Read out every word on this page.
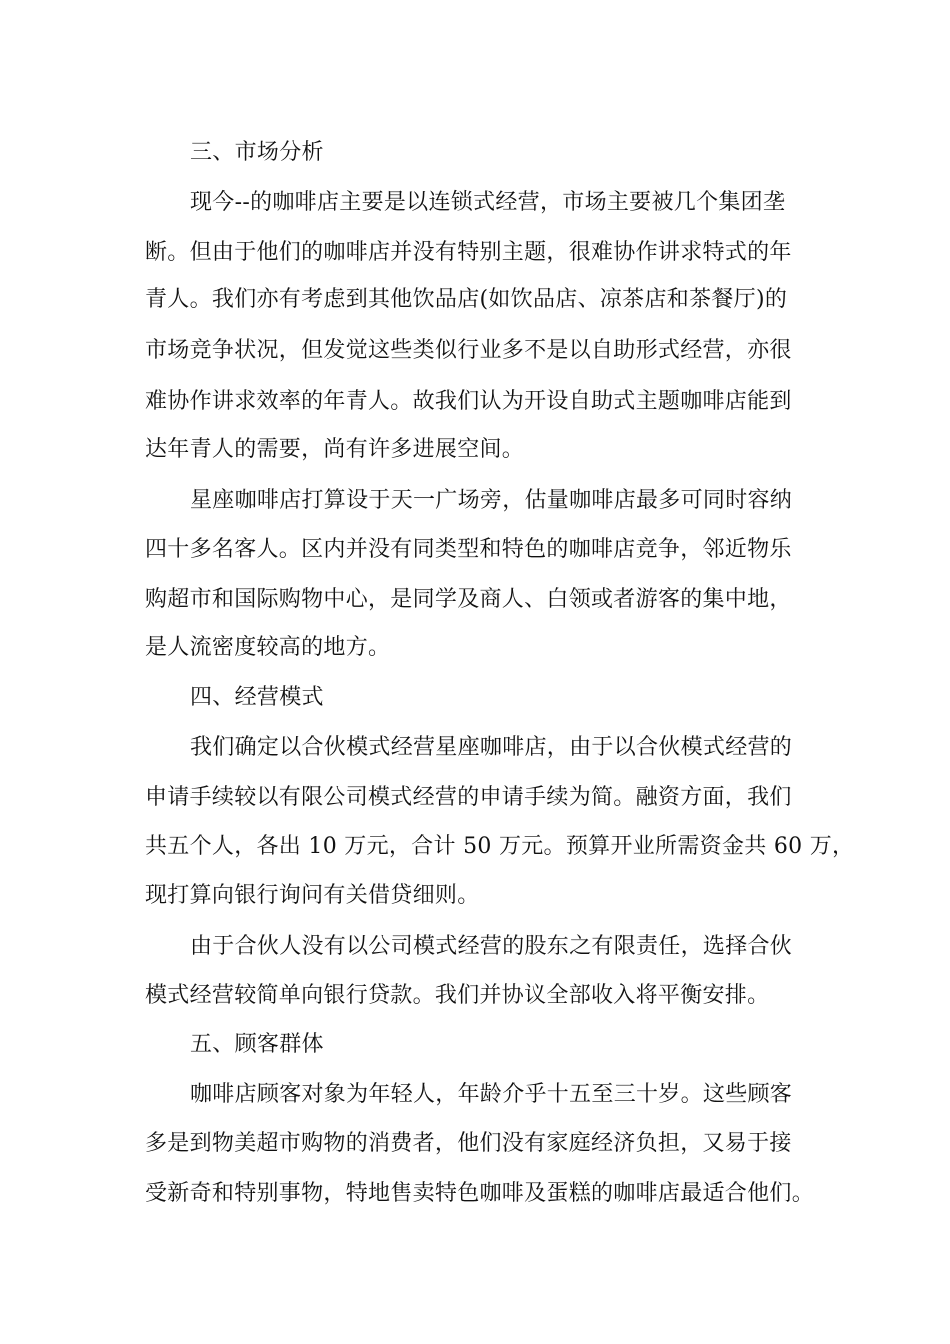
三、市场分析
现今--的咖啡店主要是以连锁式经营，市场主要被几个集团垄
断。但由于他们的咖啡店并没有特别主题，很难协作讲求特式的年
青人。我们亦有考虑到其他饮品店(如饮品店、凉茶店和茶餐厅)的
市场竞争状况，但发觉这些类似行业多不是以自助形式经营，亦很
难协作讲求效率的年青人。故我们认为开设自助式主题咖啡店能到
达年青人的需要，尚有许多进展空间。
星座咖啡店打算设于天一广场旁，估量咖啡店最多可同时容纳
四十多名客人。区内并没有同类型和特色的咖啡店竞争，邻近物乐
购超市和国际购物中心，是同学及商人、白领或者游客的集中地，
是人流密度较高的地方。
四、经营模式
我们确定以合伙模式经营星座咖啡店，由于以合伙模式经营的
申请手续较以有限公司模式经营的申请手续为简。融资方面，我们
共五个人，各出 10 万元，合计 50 万元。预算开业所需资金共 60 万，
现打算向银行询问有关借贷细则。
由于合伙人没有以公司模式经营的股东之有限责任，选择合伙
模式经营较简单向银行贷款。我们并协议全部收入将平衡安排。
五、顾客群体
咖啡店顾客对象为年轻人，年龄介乎十五至三十岁。这些顾客
多是到物美超市购物的消费者，他们没有家庭经济负担，又易于接
受新奇和特别事物，特地售卖特色咖啡及蛋糕的咖啡店最适合他们。
